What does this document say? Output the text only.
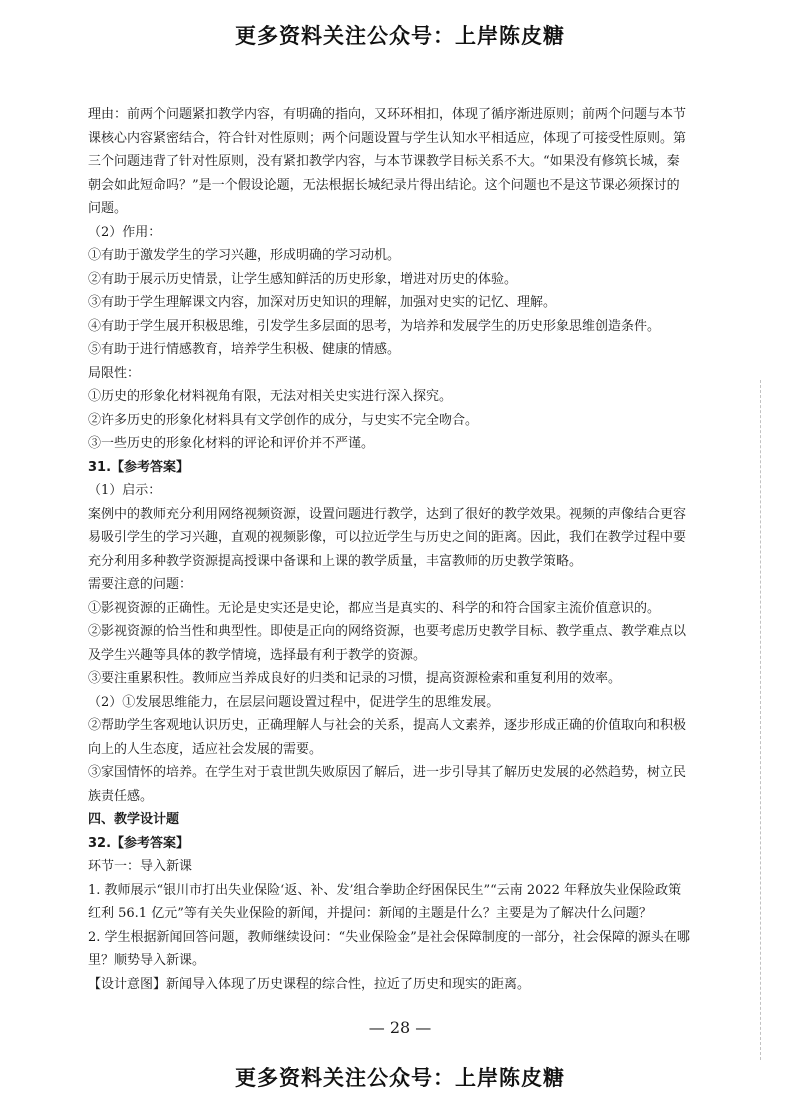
更多资料关注公众号：上岸陈皮糖

理由：前两个问题紧扣教学内容，有明确的指向，又环环相扣，体现了循序渐进原则；前两个问题与本节课核心内容紧密结合，符合针对性原则；两个问题设置与学生认知水平相适应，体现了可接受性原则。第三个问题违背了针对性原则，没有紧扣教学内容，与本节课教学目标关系不大。“如果没有修筑长城，秦朝会如此短命吗？”是一个假设论题，无法根据长城纪录片得出结论。这个问题也不是这节课必须探讨的问题。

（2）作用：

①有助于激发学生的学习兴趣，形成明确的学习动机。

②有助于展示历史情景，让学生感知鲜活的历史形象，增进对历史的体验。

③有助于学生理解课文内容，加深对历史知识的理解，加强对史实的记忆、理解。

④有助于学生展开积极思维，引发学生多层面的思考，为培养和发展学生的历史形象思维创造条件。

⑤有助于进行情感教育，培养学生积极、健康的情感。

局限性：

①历史的形象化材料视角有限，无法对相关史实进行深入探究。

②许多历史的形象化材料具有文学创作的成分，与史实不完全吻合。

③一些历史的形象化材料的评论和评价并不严谨。

31.【参考答案】

（1）启示：

案例中的教师充分利用网络视频资源，设置问题进行教学，达到了很好的教学效果。视频的声像结合更容易吸引学生的学习兴趣，直观的视频影像，可以拉近学生与历史之间的距离。因此，我们在教学过程中要充分利用多种教学资源提高授课中备课和上课的教学质量，丰富教师的历史教学策略。

需要注意的问题：

①影视资源的正确性。无论是史实还是史论，都应当是真实的、科学的和符合国家主流价值意识的。

②影视资源的恰当性和典型性。即使是正向的网络资源，也要考虑历史教学目标、教学重点、教学难点以及学生兴趣等具体的教学情境，选择最有利于教学的资源。

③要注重累积性。教师应当养成良好的归类和记录的习惯，提高资源检索和重复利用的效率。

（2）①发展思维能力，在层层问题设置过程中，促进学生的思维发展。

②帮助学生客观地认识历史，正确理解人与社会的关系，提高人文素养，逐步形成正确的价值取向和积极向上的人生态度，适应社会发展的需要。

③家国情怀的培养。在学生对于袁世凯失败原因了解后，进一步引导其了解历史发展的必然趋势，树立民族责任感。

四、教学设计题

32.【参考答案】

环节一：导入新课

1. 教师展示“银川市打出失业保险‘返、补、发’组合拳助企纾困保民生”“云南 2022 年释放失业保险政策红利 56.1 亿元”等有关失业保险的新闻，并提问：新闻的主题是什么？主要是为了解决什么问题？

2. 学生根据新闻回答问题，教师继续设问：“失业保险金”是社会保障制度的一部分，社会保障的源头在哪里？顺势导入新课。

【设计意图】新闻导入体现了历史课程的综合性，拉近了历史和现实的距离。

— 28 —
更多资料关注公众号：上岸陈皮糖
